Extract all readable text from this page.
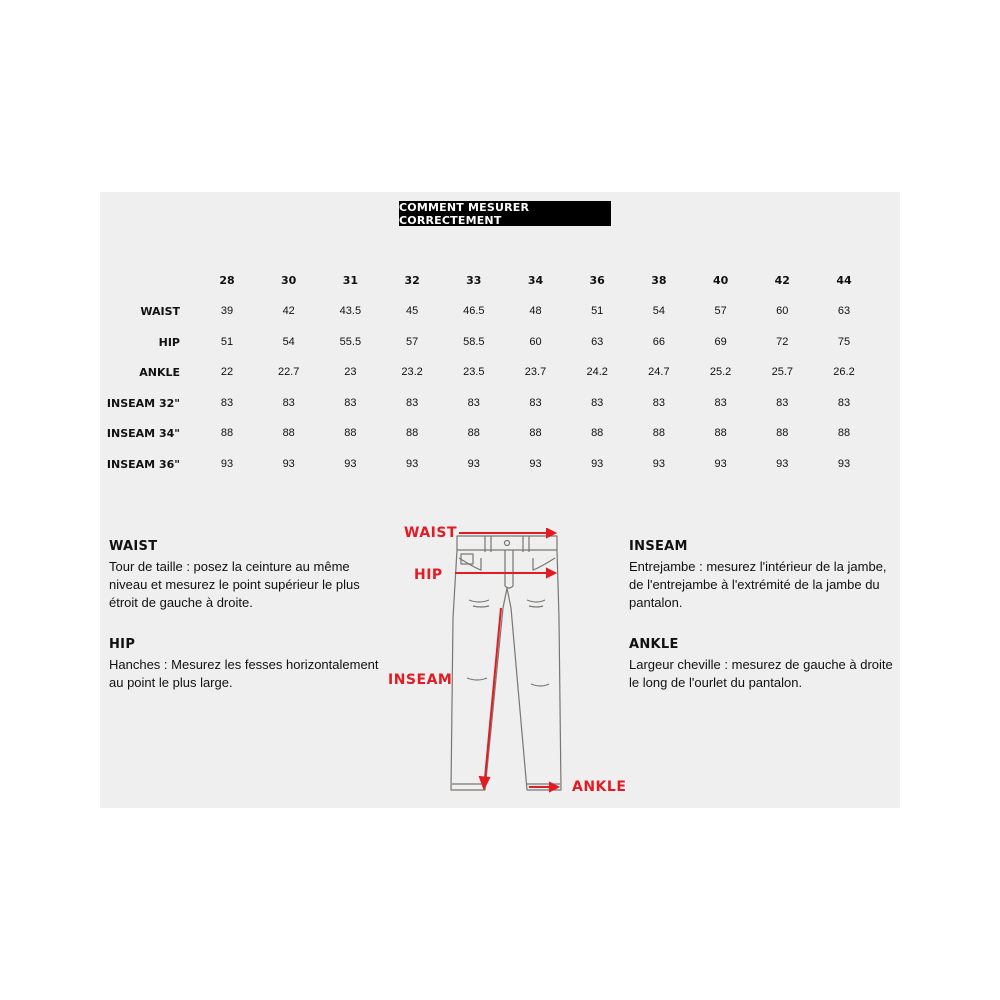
COMMENT MESURER CORRECTEMENT
28	30	31	32	33	34	36	38	40	42	44
WAIST	39	42	43.5	45	46.5	48	51	54	57	60	63
HIP	51	54	55.5	57	58.5	60	63	66	69	72	75
ANKLE	22	22.7	23	23.2	23.5	23.7	24.2	24.7	25.2	25.7	26.2
INSEAM 32"	83	83	83	83	83	83	83	83	83	83	83
INSEAM 34"	88	88	88	88	88	88	88	88	88	88	88
INSEAM 36"	93	93	93	93	93	93	93	93	93	93	93
WAIST
Tour de taille : posez la ceinture au même niveau et mesurez le point supérieur le plus étroit de gauche à droite.
HIP
Hanches : Mesurez les fesses horizontalement au point le plus large.
INSEAM
Entrejambe : mesurez l'intérieur de la jambe, de l'entrejambe à l'extrémité de la jambe du pantalon.
ANKLE
Largeur cheville : mesurez de gauche à droite le long de l'ourlet du pantalon.
WAIST
HIP
INSEAM
ANKLE
